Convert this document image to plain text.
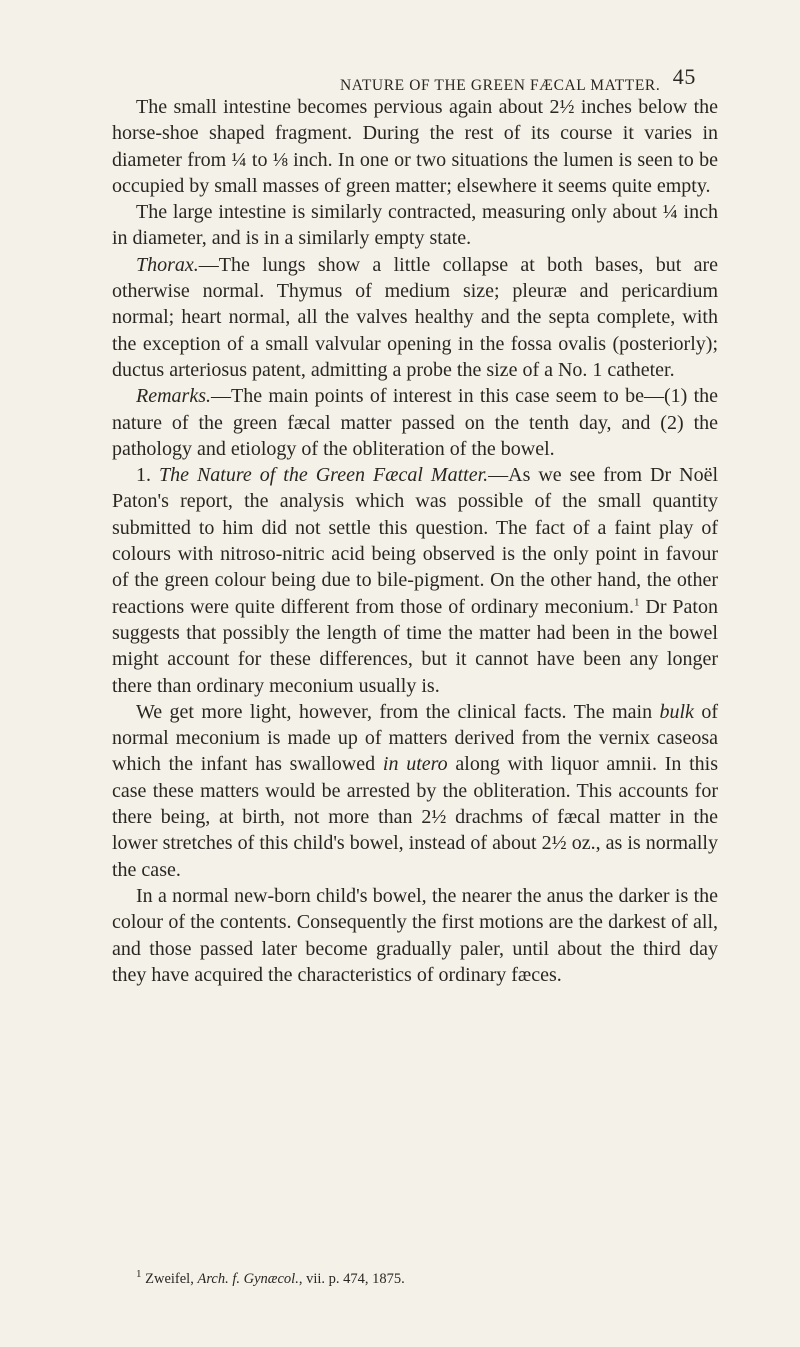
NATURE OF THE GREEN FÆCAL MATTER. 45

The small intestine becomes pervious again about 2½ inches below the horse-shoe shaped fragment. During the rest of its course it varies in diameter from ¼ to ⅛ inch. In one or two situations the lumen is seen to be occupied by small masses of green matter; elsewhere it seems quite empty.

The large intestine is similarly contracted, measuring only about ¼ inch in diameter, and is in a similarly empty state.

Thorax.—The lungs show a little collapse at both bases, but are otherwise normal. Thymus of medium size; pleuræ and pericardium normal; heart normal, all the valves healthy and the septa complete, with the exception of a small valvular opening in the fossa ovalis (posteriorly); ductus arteriosus patent, admitting a probe the size of a No. 1 catheter.

Remarks.—The main points of interest in this case seem to be—(1) the nature of the green fæcal matter passed on the tenth day, and (2) the pathology and etiology of the obliteration of the bowel.

1. The Nature of the Green Fæcal Matter.—As we see from Dr Noël Paton's report, the analysis which was possible of the small quantity submitted to him did not settle this question. The fact of a faint play of colours with nitroso-nitric acid being observed is the only point in favour of the green colour being due to bile-pigment. On the other hand, the other reactions were quite different from those of ordinary meconium.$^1$ Dr Paton suggests that possibly the length of time the matter had been in the bowel might account for these differences, but it cannot have been any longer there than ordinary meconium usually is.

We get more light, however, from the clinical facts. The main bulk of normal meconium is made up of matters derived from the vernix caseosa which the infant has swallowed in utero along with liquor amnii. In this case these matters would be arrested by the obliteration. This accounts for there being, at birth, not more than 2½ drachms of fæcal matter in the lower stretches of this child's bowel, instead of about 2½ oz., as is normally the case.

In a normal new-born child's bowel, the nearer the anus the darker is the colour of the contents. Consequently the first motions are the darkest of all, and those passed later become gradually paler, until about the third day they have acquired the characteristics of ordinary fæces.

$^1$ Zweifel, Arch. f. Gynæcol., vii. p. 474, 1875.
